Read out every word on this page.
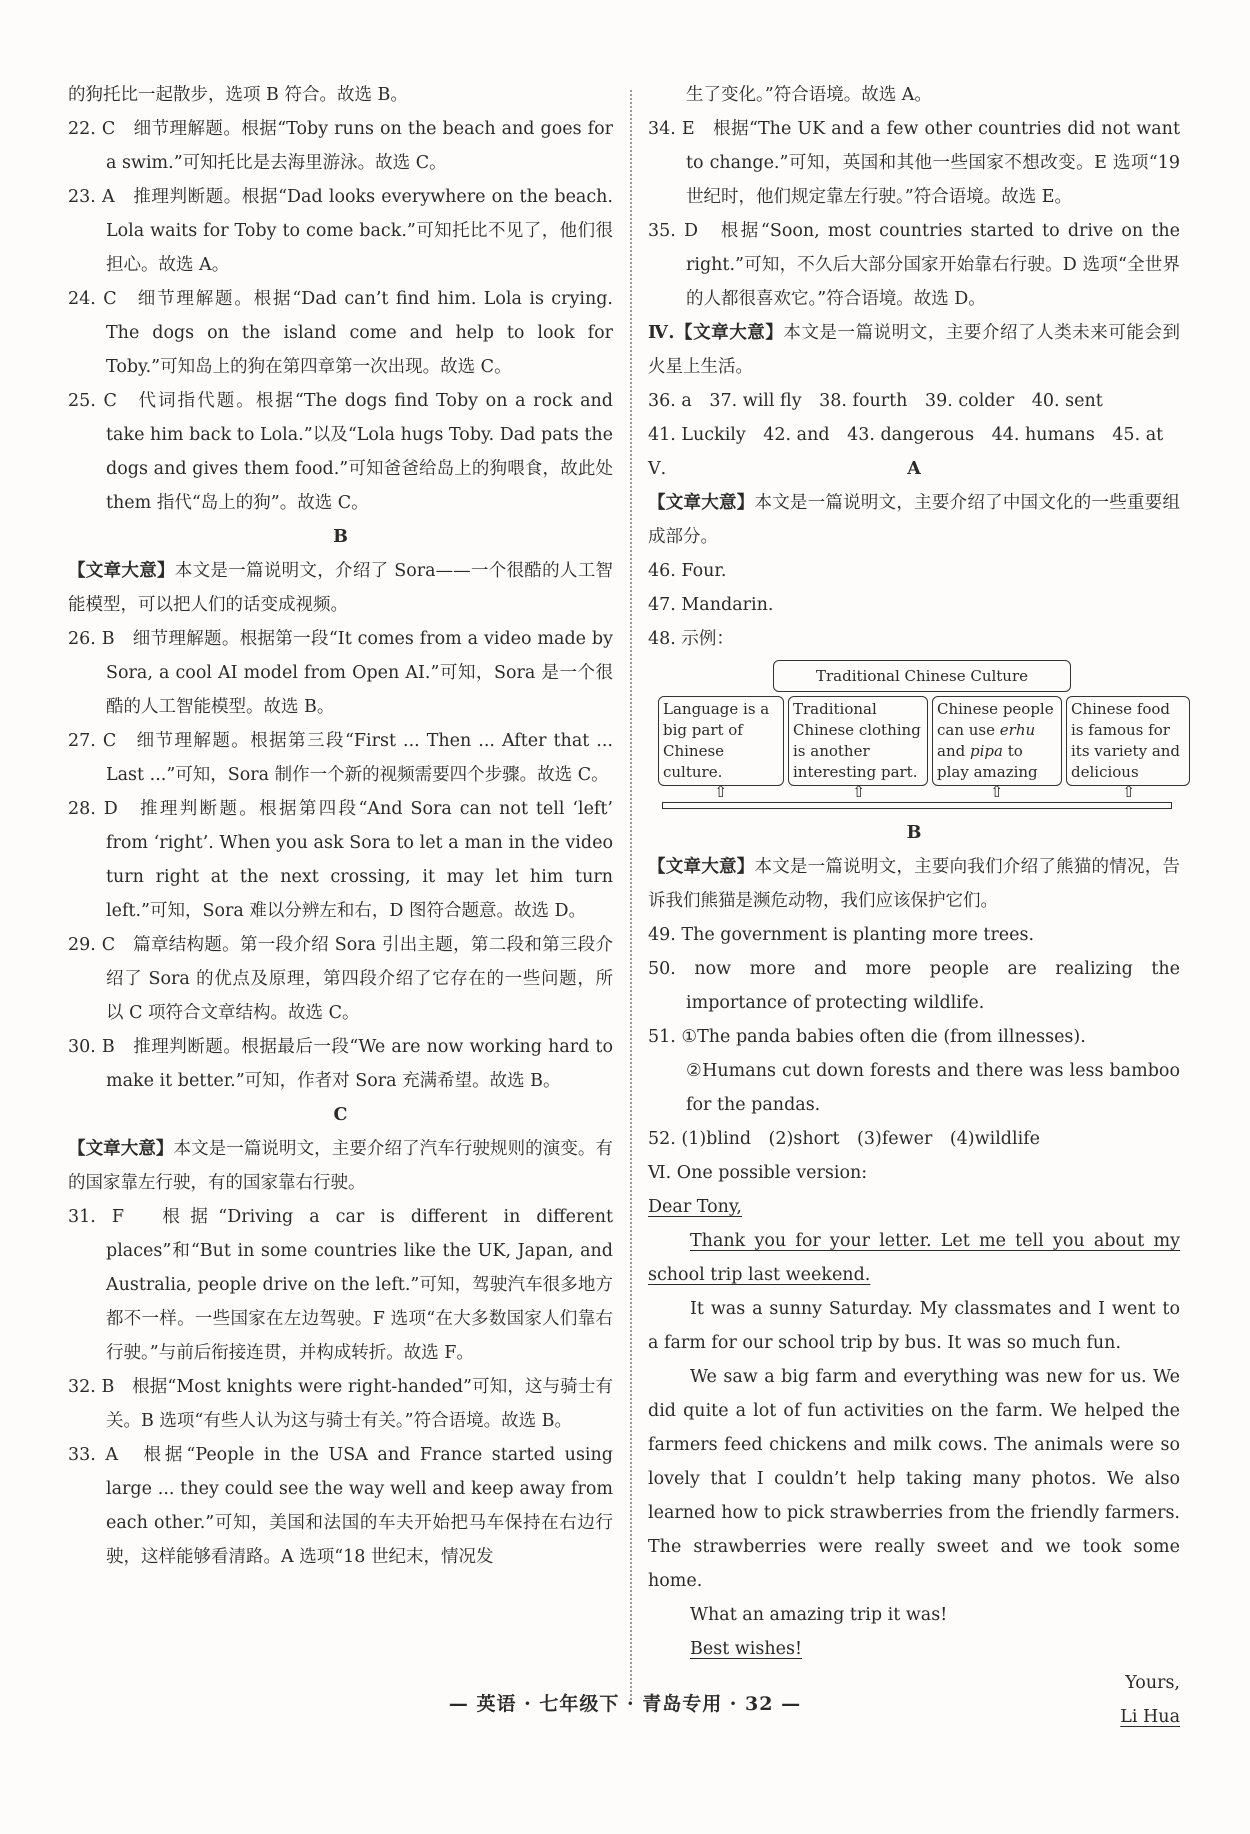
的狗托比一起散步，选项 B 符合。故选 B。

22. C　细节理解题。根据“Toby runs on the beach and goes for a swim.”可知托比是去海里游泳。故选 C。

23. A　推理判断题。根据“Dad looks everywhere on the beach. Lola waits for Toby to come back.”可知托比不见了，他们很担心。故选 A。

24. C　细节理解题。根据“Dad can’t find him. Lola is crying. The dogs on the island come and help to look for Toby.”可知岛上的狗在第四章第一次出现。故选 C。

25. C　代词指代题。根据“The dogs find Toby on a rock and take him back to Lola.”以及“Lola hugs Toby. Dad pats the dogs and gives them food.”可知爸爸给岛上的狗喂食，故此处 them 指代“岛上的狗”。故选 C。

B

【文章大意】本文是一篇说明文，介绍了 Sora——一个很酷的人工智能模型，可以把人们的话变成视频。

26. B　细节理解题。根据第一段“It comes from a video made by Sora, a cool AI model from Open AI.”可知，Sora 是一个很酷的人工智能模型。故选 B。

27. C　细节理解题。根据第三段“First ... Then ... After that ... Last ...”可知，Sora 制作一个新的视频需要四个步骤。故选 C。

28. D　推理判断题。根据第四段“And Sora can not tell ‘left’ from ‘right’. When you ask Sora to let a man in the video turn right at the next crossing, it may let him turn left.”可知，Sora 难以分辨左和右，D 图符合题意。故选 D。

29. C　篇章结构题。第一段介绍 Sora 引出主题，第二段和第三段介绍了 Sora 的优点及原理，第四段介绍了它存在的一些问题，所以 C 项符合文章结构。故选 C。

30. B　推理判断题。根据最后一段“We are now working hard to make it better.”可知，作者对 Sora 充满希望。故选 B。

C

【文章大意】本文是一篇说明文，主要介绍了汽车行驶规则的演变。有的国家靠左行驶，有的国家靠右行驶。

31. F　根据“Driving a car is different in different places”和“But in some countries like the UK, Japan, and Australia, people drive on the left.”可知，驾驶汽车很多地方都不一样。一些国家在左边驾驶。F 选项“在大多数国家人们靠右行驶。”与前后衔接连贯，并构成转折。故选 F。

32. B　根据“Most knights were right-handed”可知，这与骑士有关。B 选项“有些人认为这与骑士有关。”符合语境。故选 B。

33. A　根据“People in the USA and France started using large ... they could see the way well and keep away from each other.”可知，美国和法国的车夫开始把马车保持在右边行驶，这样能够看清路。A 选项“18 世纪末，情况发

生了变化。”符合语境。故选 A。

34. E　根据“The UK and a few other countries did not want to change.”可知，英国和其他一些国家不想改变。E 选项“19 世纪时，他们规定靠左行驶。”符合语境。故选 E。

35. D　根据“Soon, most countries started to drive on the right.”可知，不久后大部分国家开始靠右行驶。D 选项“全世界的人都很喜欢它。”符合语境。故选 D。

Ⅳ.【文章大意】本文是一篇说明文，主要介绍了人类未来可能会到火星上生活。

36. a　37. will fly　38. fourth　39. colder　40. sent

41. Luckily　42. and　43. dangerous　44. humans　45. at

Ⅴ.	A

【文章大意】本文是一篇说明文，主要介绍了中国文化的一些重要组成部分。

46. Four.

47. Mandarin.

48. 示例：

Traditional Chinese Culture
Language is a big part of Chinese culture.
Traditional Chinese clothing is another interesting part.
Chinese people can use erhu and pipa to play amazing
Chinese food is famous for its variety and delicious
⇧	⇧	⇧	⇧

B

【文章大意】本文是一篇说明文，主要向我们介绍了熊猫的情况，告诉我们熊猫是濒危动物，我们应该保护它们。

49. The government is planting more trees.

50. now more and more people are realizing the importance of protecting wildlife.

51. ①The panda babies often die (from illnesses).

②Humans cut down forests and there was less bamboo for the pandas.

52. (1)blind　(2)short　(3)fewer　(4)wildlife

Ⅵ. One possible version:

Dear Tony,

Thank you for your letter. Let me tell you about my school trip last weekend.

It was a sunny Saturday. My classmates and I went to a farm for our school trip by bus. It was so much fun.

We saw a big farm and everything was new for us. We did quite a lot of fun activities on the farm. We helped the farmers feed chickens and milk cows. The animals were so lovely that I couldn’t help taking many photos. We also learned how to pick strawberries from the friendly farmers. The strawberries were really sweet and we took some home.

What an amazing trip it was!

Best wishes!

Yours,

Li Hua

— 英语 · 七年级下 · 青岛专用 · 32 —
